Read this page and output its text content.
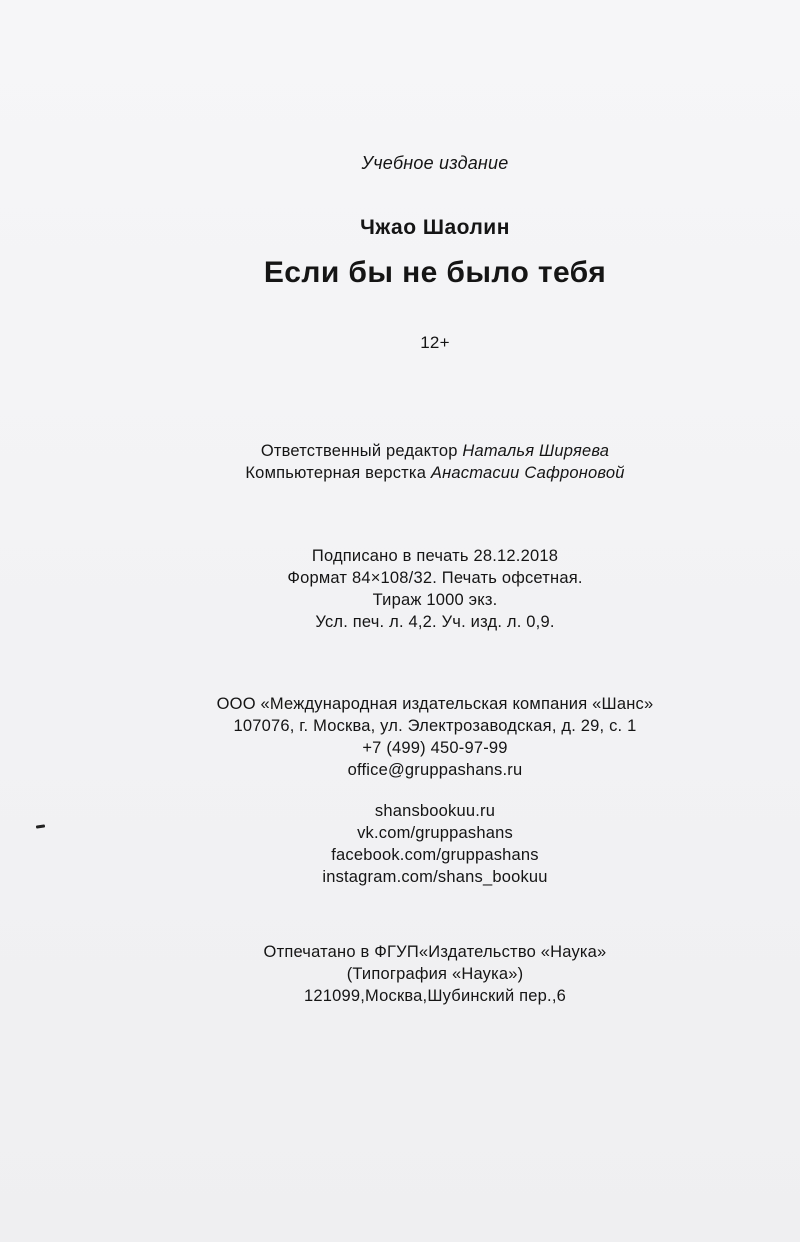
Учебное издание
Чжао Шаолин
Если бы не было тебя
12+
Ответственный редактор Наталья Ширяева
Компьютерная верстка Анастасии Сафроновой
Подписано в печать 28.12.2018
Формат 84×108/32. Печать офсетная.
Тираж 1000 экз.
Усл. печ. л. 4,2. Уч. изд. л. 0,9.
ООО «Международная издательская компания «Шанс»
107076, г. Москва, ул. Электрозаводская, д. 29, с. 1
+7 (499) 450-97-99
office@gruppashans.ru
shansbookuu.ru
vk.com/gruppashans
facebook.com/gruppashans
instagram.com/shans_bookuu
Отпечатано в ФГУП«Издательство «Наука»
(Типография «Наука»)
121099,Москва,Шубинский пер.,6
